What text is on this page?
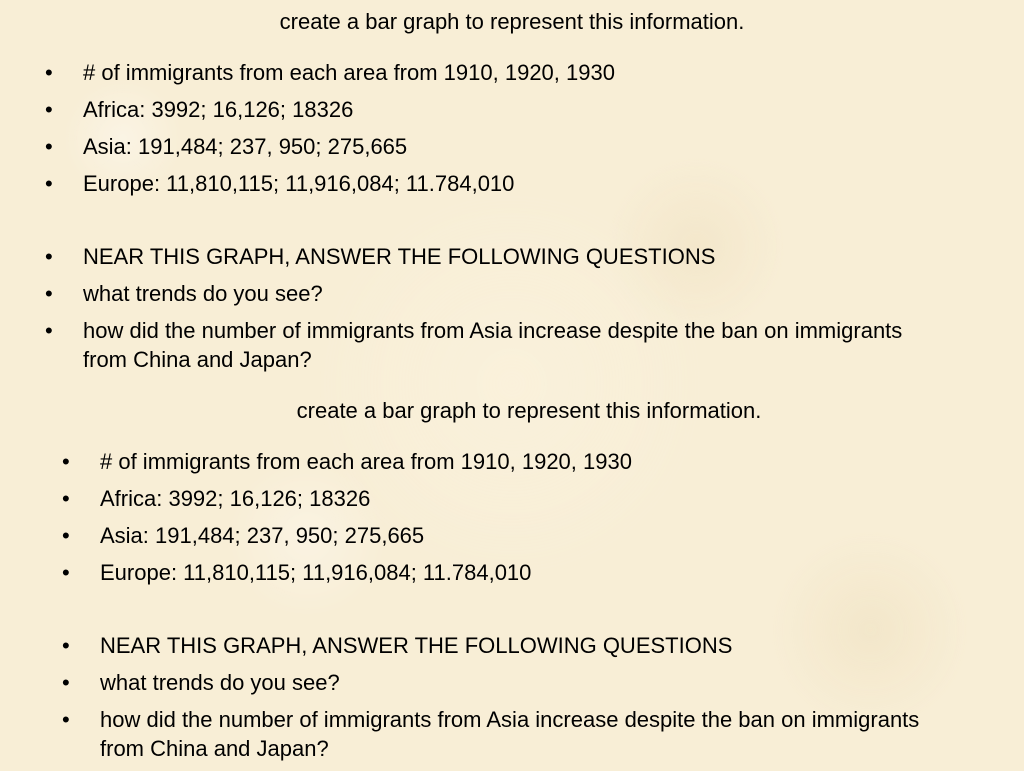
create a bar graph to represent this information.
• # of immigrants from each area from 1910, 1920, 1930
• Africa: 3992; 16,126; 18326
• Asia: 191,484; 237, 950; 275,665
• Europe: 11,810,115; 11,916,084; 11.784,010
• NEAR THIS GRAPH, ANSWER THE FOLLOWING QUESTIONS
• what trends do you see?
• how did the number of immigrants from Asia increase despite the ban on immigrants from China and Japan?
create a bar graph to represent this information.
• # of immigrants from each area from 1910, 1920, 1930
• Africa: 3992; 16,126; 18326
• Asia: 191,484; 237, 950; 275,665
• Europe: 11,810,115; 11,916,084; 11.784,010
• NEAR THIS GRAPH, ANSWER THE FOLLOWING QUESTIONS
• what trends do you see?
• how did the number of immigrants from Asia increase despite the ban on immigrants from China and Japan?
